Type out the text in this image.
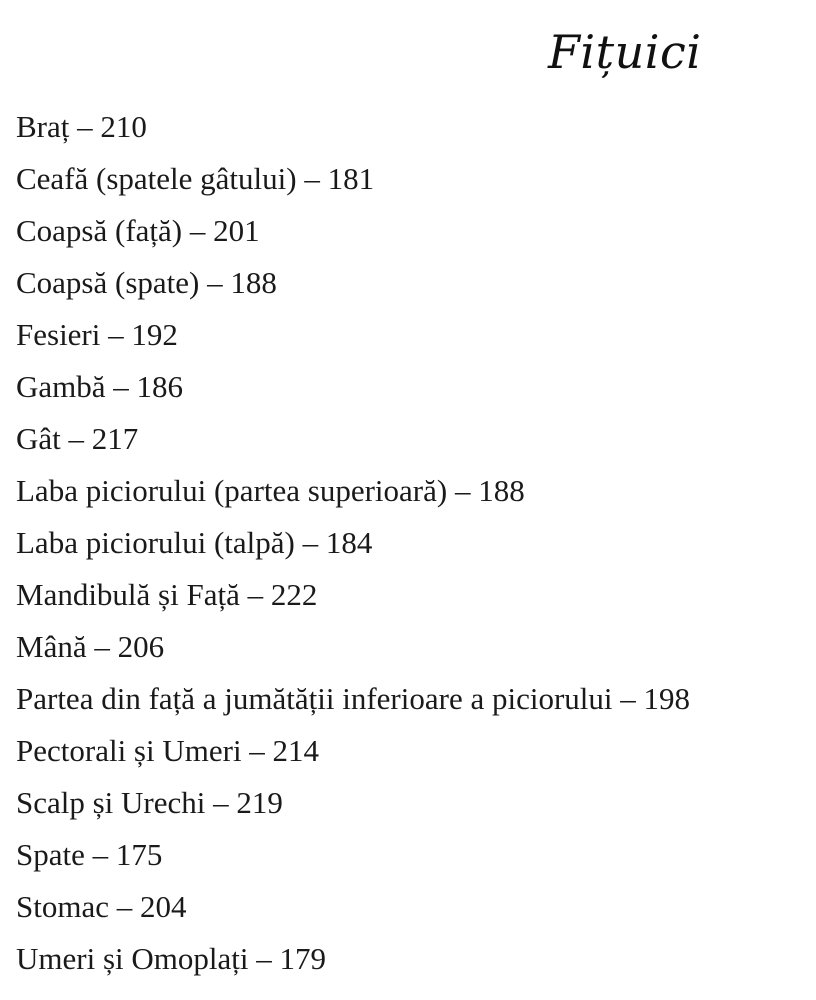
Fițuici
Braț – 210
Ceafă (spatele gâtului) – 181
Coapsă (față) – 201
Coapsă (spate) – 188
Fesieri – 192
Gambă – 186
Gât – 217
Laba piciorului (partea superioară) – 188
Laba piciorului (talpă) – 184
Mandibulă și Față – 222
Mână – 206
Partea din față a jumătății inferioare a piciorului – 198
Pectorali și Umeri – 214
Scalp și Urechi – 219
Spate – 175
Stomac – 204
Umeri și Omoplați – 179
